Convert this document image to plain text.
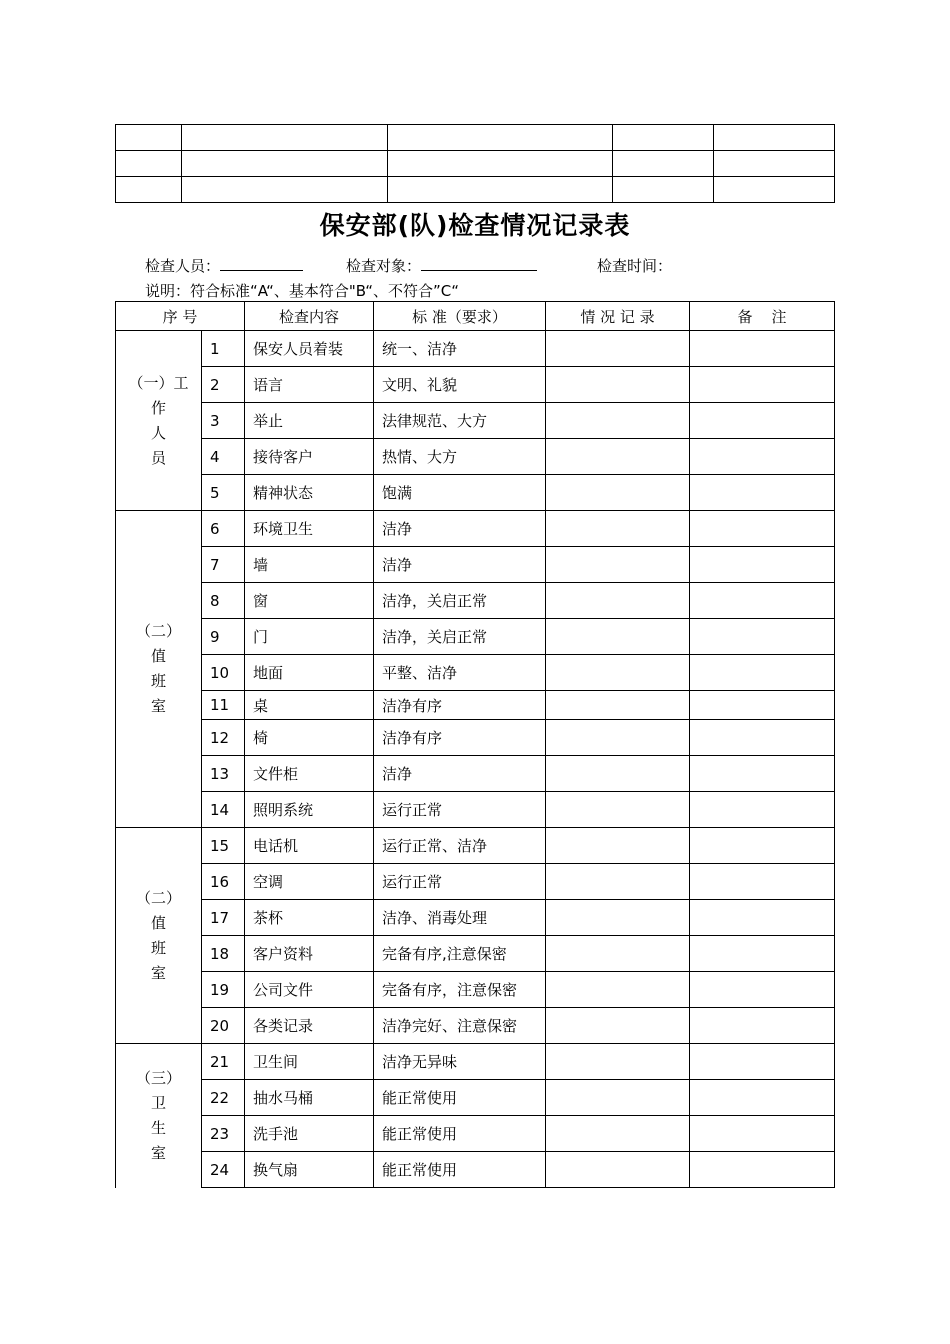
保安部(队)检查情况记录表
检查人员：	检查对象：	检查时间：
说明：符合标准“A“、基本符合"B“、不符合”C“
序 号		检查内容	标 准（要求）	情 况 记 录	备    注

（一）工
作
人
员	1	保安人员着装	统一、洁净		
	2	语言	文明、礼貌		
	3	举止	法律规范、大方		
	4	接待客户	热情、大方		
	5	精神状态	饱满		

（二）
值
班
室	6	环境卫生	洁净		
	7	墙	洁净		
	8	窗	洁净，关启正常		
	9	门	洁净，关启正常		
	10	地面	平整、洁净		
	11	桌	洁净有序		
	12	椅	洁净有序		
	13	文件柜	洁净		
	14	照明系统	运行正常		

（二）
值
班
室	15	电话机	运行正常、洁净		
	16	空调	运行正常		
	17	茶杯	洁净、消毒处理		
	18	客户资料	完备有序,注意保密		
	19	公司文件	完备有序，注意保密		
	20	各类记录	洁净完好、注意保密		

（三）
卫
生
室	21	卫生间	洁净无异味		
	22	抽水马桶	能正常使用		
	23	洗手池	能正常使用		
	24	换气扇	能正常使用		
